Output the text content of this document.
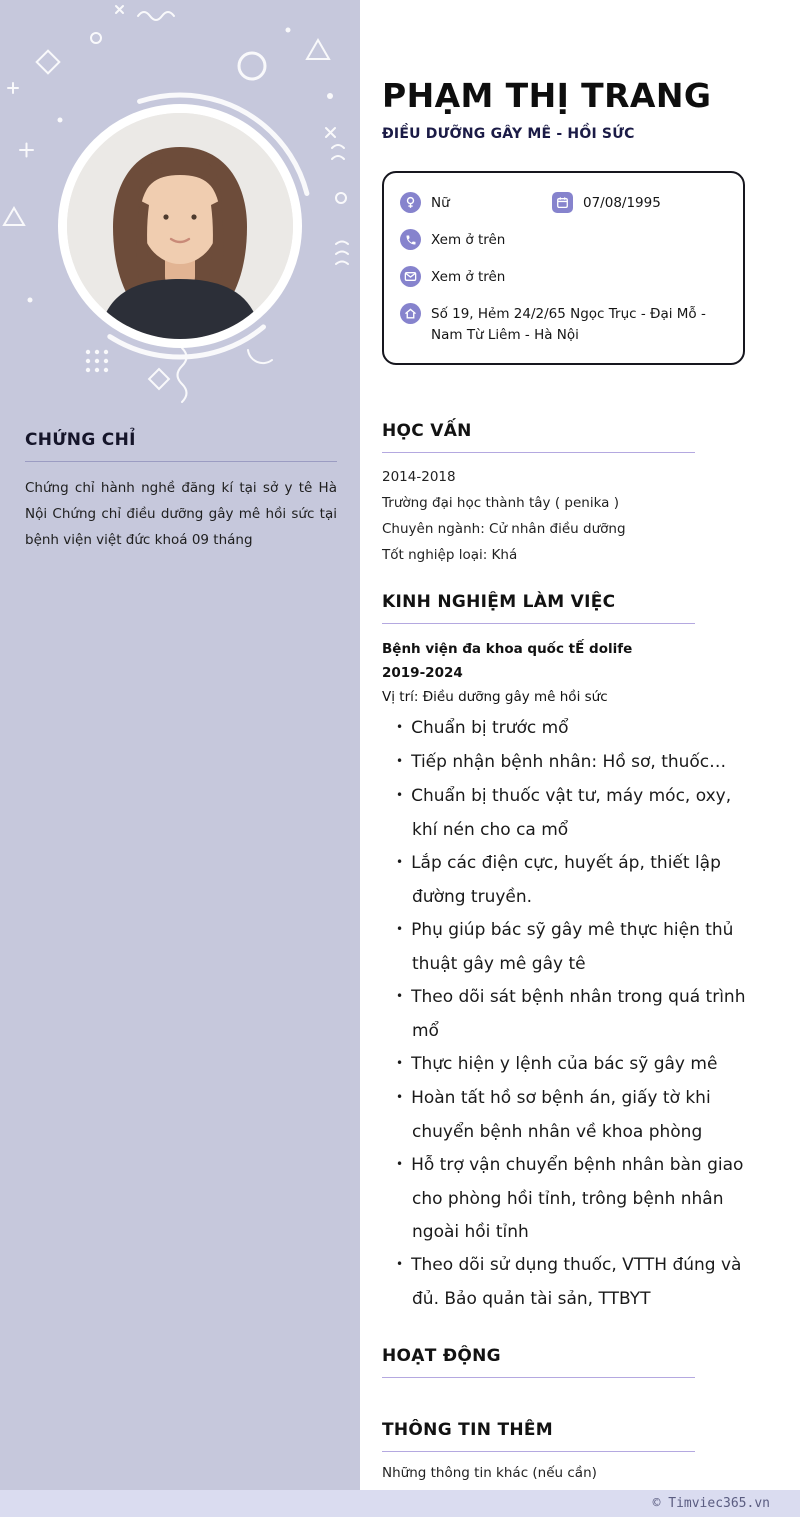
CHỨNG CHỈ
Chứng chỉ hành nghề đăng kí tại sở y tê Hà Nội Chứng chỉ điều dưỡng gây mê hồi sức tại bệnh viện việt đức khoá 09 tháng
PHẠM THỊ TRANG
ĐIỀU DƯỠNG GÂY MÊ - HỒI SỨC
Nữ	07/08/1995
Xem ở trên
Xem ở trên
Số 19, Hẻm 24/2/65 Ngọc Trục - Đại Mỗ - Nam Từ Liêm - Hà Nội
HỌC VẤN
2014-2018
Trường đại học thành tây ( penika )
Chuyên ngành: Cử nhân điều dưỡng
Tốt nghiệp loại: Khá
KINH NGHIỆM LÀM VIỆC
Bệnh viện đa khoa quốc tẾ dolife
2019-2024
Vị trí: Điều dưỡng gây mê hồi sức
• Chuẩn bị trước mổ
• Tiếp nhận bệnh nhân: Hồ sơ, thuốc…
• Chuẩn bị thuốc vật tư, máy móc, oxy, khí nén cho ca mổ
• Lắp các điện cực, huyết áp, thiết lập đường truyền.
• Phụ giúp bác sỹ gây mê thực hiện thủ thuật gây mê gây tê
• Theo dõi sát bệnh nhân trong quá trình mổ
• Thực hiện y lệnh của bác sỹ gây mê
• Hoàn tất hồ sơ bệnh án, giấy tờ khi chuyển bệnh nhân về khoa phòng
• Hỗ trợ vận chuyển bệnh nhân bàn giao cho phòng hồi tỉnh, trông bệnh nhân ngoài hồi tỉnh
• Theo dõi sử dụng thuốc, VTTH đúng và đủ. Bảo quản tài sản, TTBYT
HOẠT ĐỘNG
THÔNG TIN THÊM
Những thông tin khác (nếu cần)
© Timviec365.vn
